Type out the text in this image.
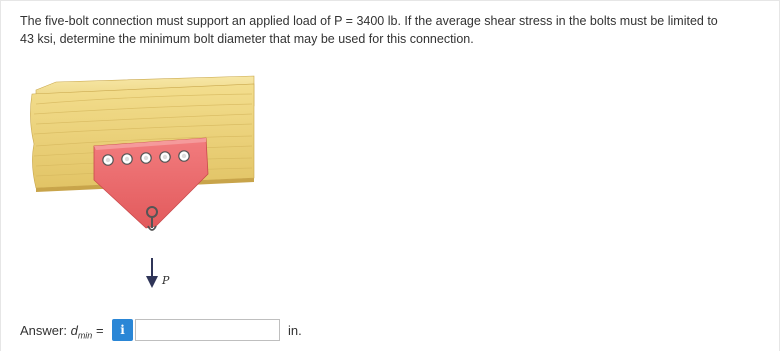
The five-bolt connection must support an applied load of P = 3400 lb. If the average shear stress in the bolts must be limited to
43 ksi, determine the minimum bolt diameter that may be used for this connection.
P
Answer: $d_{min}$ =	i	in.
